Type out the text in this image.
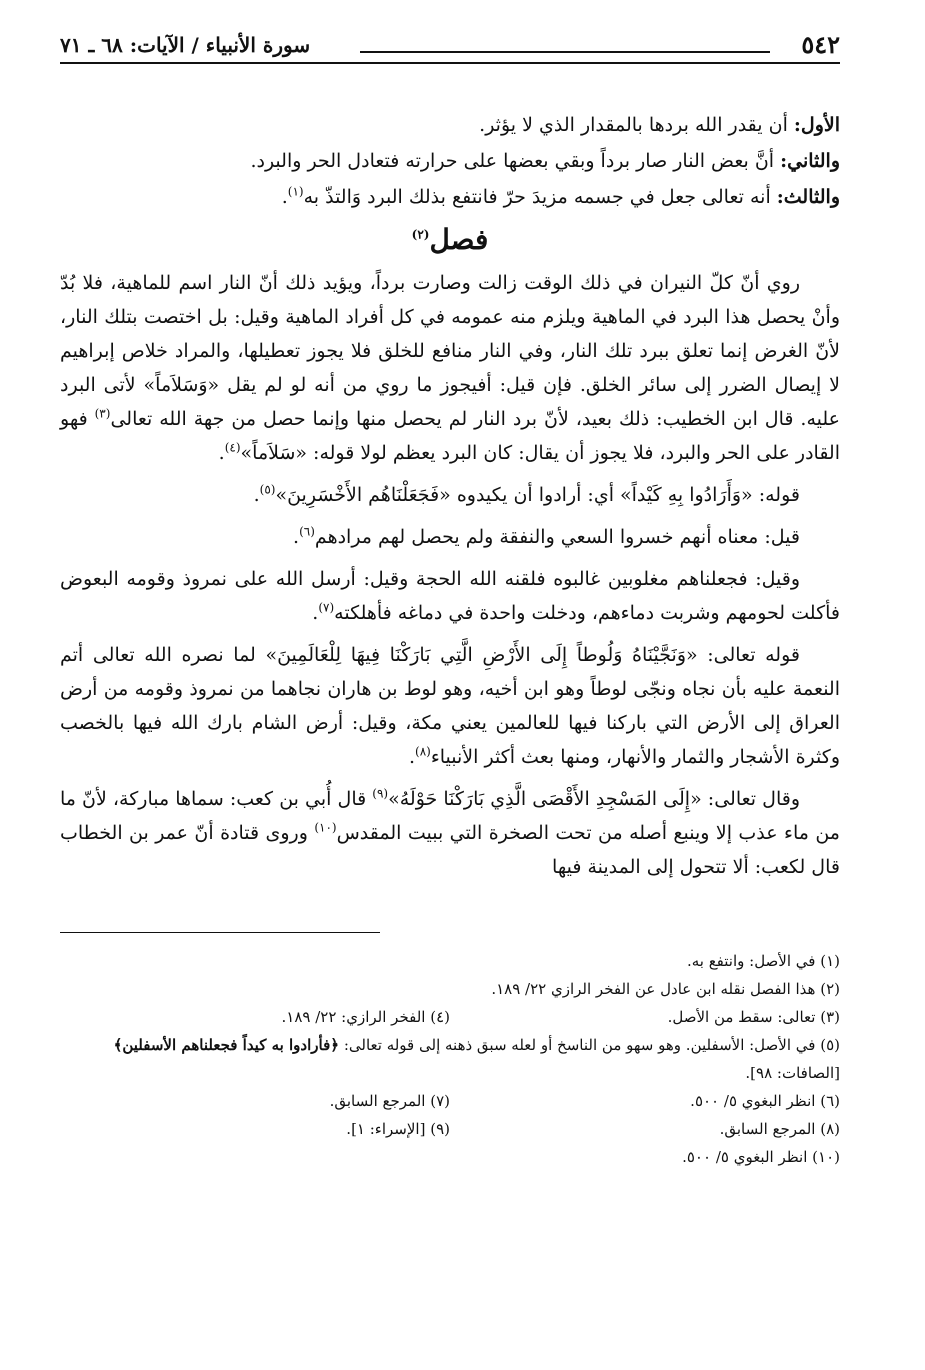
٥٤٢
سورة الأنبياء / الآيات: ٦٨ ـ ٧١

الأول: أن يقدر الله بردها بالمقدار الذي لا يؤثر.

والثاني: أنَّ بعض النار صار برداً وبقي بعضها على حرارته فتعادل الحر والبرد.

والثالث: أنه تعالى جعل في جسمه مزيدَ حرّ فانتفع بذلك البرد وَالتذّ به$^{(١)}$.

فصل$^{(٢)}$

روي أنّ كلّ النيران في ذلك الوقت زالت وصارت برداً، ويؤيد ذلك أنّ النار اسم للماهية، فلا بُدّ وأنْ يحصل هذا البرد في الماهية ويلزم منه عمومه في كل أفراد الماهية وقيل: بل اختصت بتلك النار، لأنّ الغرض إنما تعلق ببرد تلك النار، وفي النار منافع للخلق فلا يجوز تعطيلها، والمراد خلاص إبراهيم لا إيصال الضرر إلى سائر الخلق. فإن قيل: أفيجوز ما روي من أنه لو لم يقل «وَسَلاَماً» لأتى البرد عليه. قال ابن الخطيب: ذلك بعيد، لأنّ برد النار لم يحصل منها وإنما حصل من جهة الله تعالى$^{(٣)}$ فهو القادر على الحر والبرد، فلا يجوز أن يقال: كان البرد يعظم لولا قوله: «سَلاَماً»$^{(٤)}$.

قوله: «وَأَرَادُوا بِهِ كَيْداً» أي: أرادوا أن يكيدوه «فَجَعَلْنَاهُم الأَخْسَرِينَ»$^{(٥)}$.

قيل: معناه أنهم خسروا السعي والنفقة ولم يحصل لهم مرادهم$^{(٦)}$.

وقيل: فجعلناهم مغلوبين غالبوه فلقنه الله الحجة وقيل: أرسل الله على نمروذ وقومه البعوض فأكلت لحومهم وشربت دماءهم، ودخلت واحدة في دماغه فأهلكته$^{(٧)}$.

قوله تعالى: «وَنَجَّيْنَاهُ وَلُوطاً إِلَى الأَرْضِ الَّتِي بَارَكْنَا فِيهَا لِلْعَالَمِينَ» لما نصره الله تعالى أتم النعمة عليه بأن نجاه ونجّى لوطاً وهو ابن أخيه، وهو لوط بن هاران نجاهما من نمروذ وقومه من أرض العراق إلى الأرض التي باركنا فيها للعالمين يعني مكة، وقيل: أرض الشام بارك الله فيها بالخصب وكثرة الأشجار والثمار والأنهار، ومنها بعث أكثر الأنبياء$^{(٨)}$.

وقال تعالى: «إِلَى المَسْجِدِ الأَقْصَى الَّذِي بَارَكْنَا حَوْلَهُ»$^{(٩)}$ قال أُبي بن كعب: سماها مباركة، لأنّ ما من ماء عذب إلا وينبع أصله من تحت الصخرة التي ببيت المقدس$^{(١٠)}$ وروى قتادة أنّ عمر بن الخطاب قال لكعب: ألا تتحول إلى المدينة فيها

(١) في الأصل: وانتفع به.
(٢) هذا الفصل نقله ابن عادل عن الفخر الرازي ٢٢/ ١٨٩.
(٣) تعالى: سقط من الأصل.
(٤) الفخر الرازي: ٢٢/ ١٨٩.
(٥) في الأصل: الأسفلين. وهو سهو من الناسخ أو لعله سبق ذهنه إلى قوله تعالى: ﴿فأرادوا به كيداً فجعلناهم الأسفلين﴾ [الصافات: ٩٨].
(٦) انظر البغوي ٥/ ٥٠٠.
(٧) المرجع السابق.
(٨) المرجع السابق.
(٩) [الإسراء: ١].
(١٠) انظر البغوي ٥/ ٥٠٠.
